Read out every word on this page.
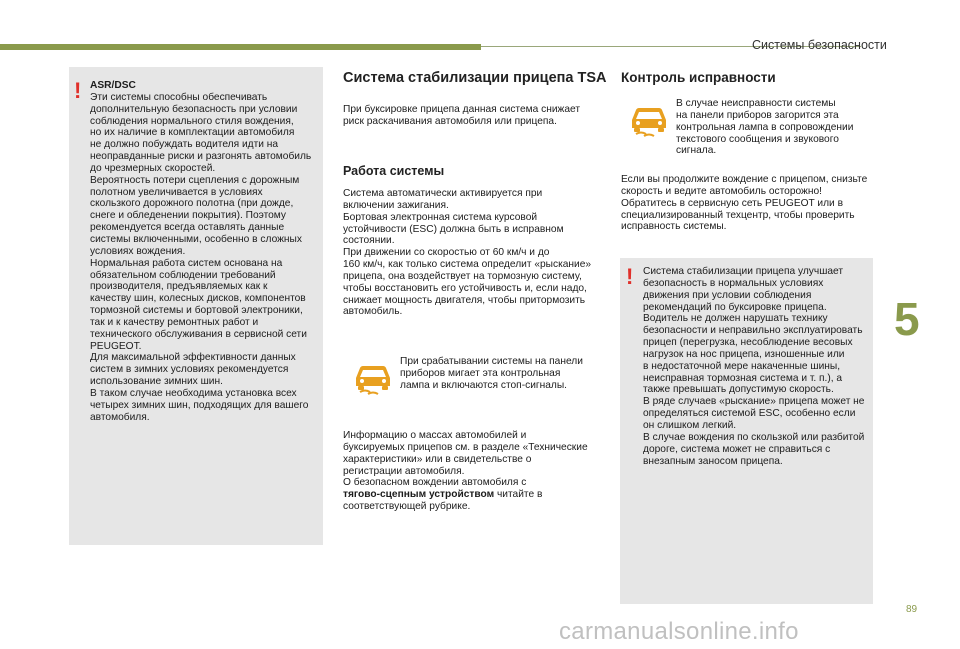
Системы безопасности
! ASR/DSC

Эти системы способны обеспечивать

дополнительную безопасность при условии

соблюдения нормального стиля вождения,

но их наличие в комплектации автомобиля

не должно побуждать водителя идти на

неоправданные риски и разгонять автомобиль

до чрезмерных скоростей.

Вероятность потери сцепления с дорожным

полотном увеличивается в условиях

скользкого дорожного полотна (при дожде,

снеге и обледенении покрытия). Поэтому

рекомендуется всегда оставлять данные

системы включенными, особенно в сложных

условиях вождения.

Нормальная работа систем основана на

обязательном соблюдении требований

производителя, предъявляемых как к

качеству шин, колесных дисков, компонентов

тормозной системы и бортовой электроники,

так и к качеству ремонтных работ и

технического обслуживания в сервисной сети

PEUGEOT.

Для максимальной эффективности данных

систем в зимних условиях рекомендуется

использование зимних шин.

В таком случае необходима установка всех

четырех зимних шин, подходящих для вашего

автомобиля.

Система стабилизации прицепа TSA

При буксировке прицепа данная система снижает

риск раскачивания автомобиля или прицепа.

Работа системы

Система автоматически активируется при

включении зажигания.

Бортовая электронная система курсовой

устойчивости (ESC) должна быть в исправном

состоянии.

При движении со скоростью от 60 км/ч и до

160 км/ч, как только система определит «рыскание»

прицепа, она воздействует на тормозную систему,

чтобы восстановить его устойчивость и, если надо,

снижает мощность двигателя, чтобы притормозить

автомобиль.

При срабатывании системы на панели

приборов мигает эта контрольная

лампа и включаются стоп-сигналы.

Информацию о массах автомобилей и

буксируемых прицепов см. в разделе «Технические

характеристики» или в свидетельстве о

регистрации автомобиля.

О безопасном вождении автомобиля с

тягово-сцепным устройством читайте в

соответствующей рубрике.

Контроль исправности

В случае неисправности системы

на панели приборов загорится эта

контрольная лампа в сопровождении

текстового сообщения и звукового

сигнала.

Если вы продолжите вождение с прицепом, снизьте

скорость и ведите автомобиль осторожно!

Обратитесь в сервисную сеть PEUGEOT или в

специализированный техцентр, чтобы проверить

исправность системы.

! Система стабилизации прицепа улучшает

безопасность в нормальных условиях

движения при условии соблюдения

рекомендаций по буксировке прицепа.

Водитель не должен нарушать технику

безопасности и неправильно эксплуатировать

прицеп (перегрузка, несоблюдение весовых

нагрузок на нос прицепа, изношенные или

в недостаточной мере накаченные шины,

неисправная тормозная система и т. п.), а

также превышать допустимую скорость.

В ряде случаев «рыскание» прицепа может не

определяться системой ESC, особенно если

он слишком легкий.

В случае вождения по скользкой или разбитой

дороге, система может не справиться с

внезапным заносом прицепа.

5
89
carmanualsonline.info
